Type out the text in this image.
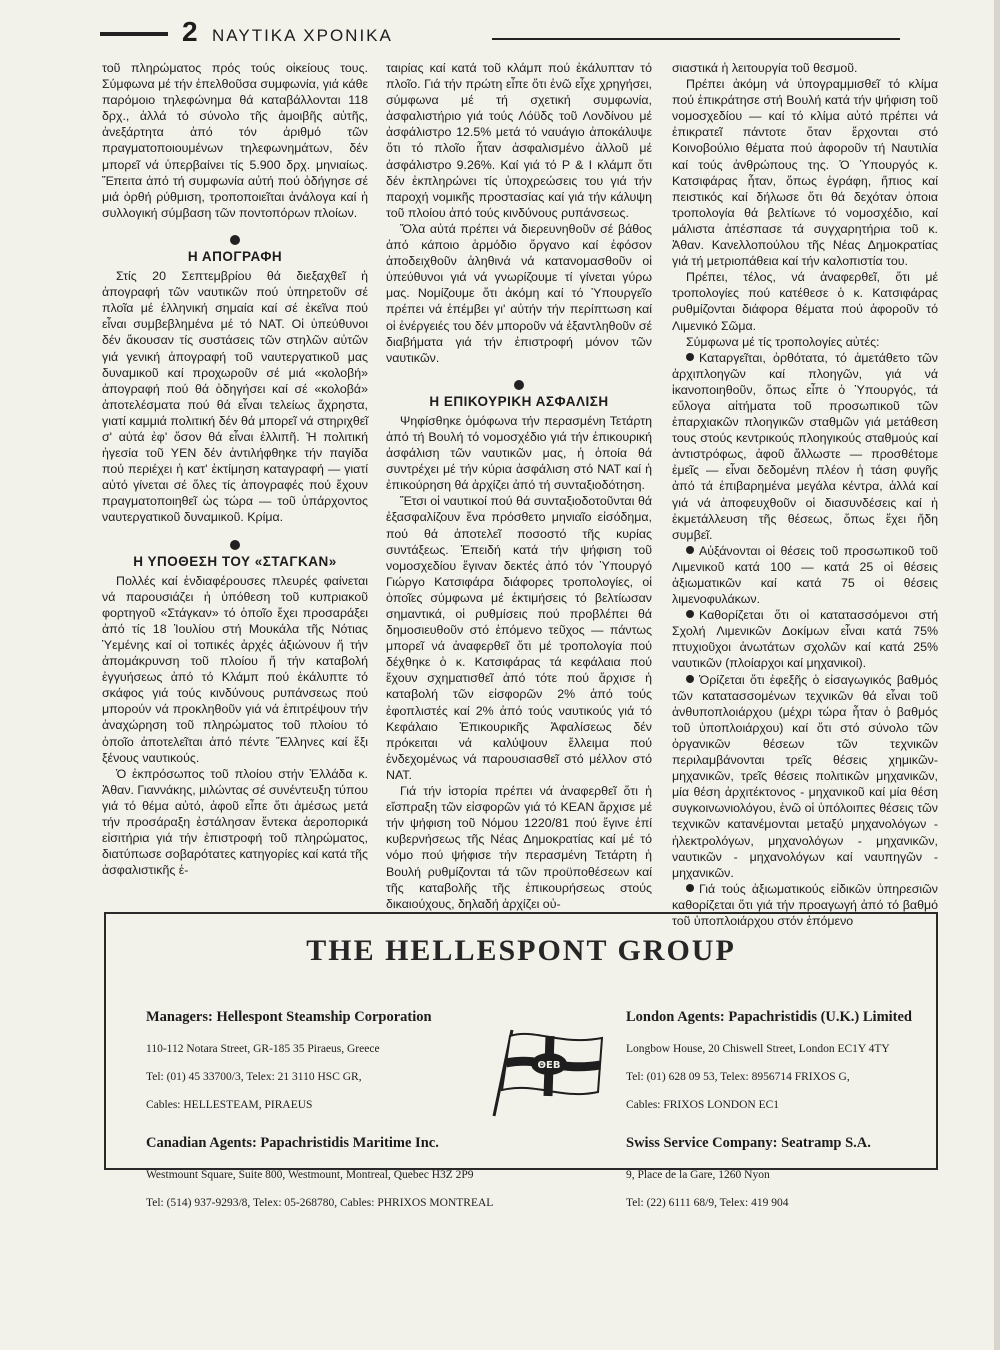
2 ΝΑΥΤΙΚΑ ΧΡΟΝΙΚΑ

τοῦ πληρώματος πρός τούς οἰκείους τους. Σύμφωνα μέ τήν ἐπελθοῦσα συμφωνία, γιά κάθε παρόμοιο τηλεφώνημα θά καταβάλλονται 118 δρχ., ἀλλά τό σύνολο τῆς ἀμοιβῆς αὐτῆς, ἀνεξάρτητα ἀπό τόν ἀριθμό τῶν πραγματοποιουμένων τηλεφωνημάτων, δέν μπορεῖ νά ὑπερβαίνει τίς 5.900 δρχ. μηνιαίως. Ἔπειτα ἀπό τή συμφωνία αὐτή πού ὁδήγησε σέ μιά ὀρθή ρύθμιση, τροποποιεῖται ἀνάλογα καί ἡ συλλογική σύμβαση τῶν ποντοπόρων πλοίων.

Η ΑΠΟΓΡΑΦΗ

Στίς 20 Σεπτεμβρίου θά διεξαχθεῖ ἡ ἀπογραφή τῶν ναυτικῶν πού ὑπηρετοῦν σέ πλοῖα μέ ἑλληνική σημαία καί σέ ἐκεῖνα πού εἶναι συμβεβλημένα μέ τό ΝΑΤ. Οἱ ὑπεύθυνοι δέν ἄκουσαν τίς συστάσεις τῶν στηλῶν αὐτῶν γιά γενική ἀπογραφή τοῦ ναυτεργατικοῦ μας δυναμικοῦ καί προχωροῦν σέ μιά «κολοβή» ἀπογραφή πού θά ὁδηγήσει καί σέ «κολοβά» ἀποτελέσματα πού θά εἶναι τελείως ἄχρηστα, γιατί καμμιά πολιτική δέν θά μπορεῖ νά στηριχθεῖ σ' αὐτά ἐφ' ὅσον θά εἶναι ἐλλιπῆ. Ἡ πολιτική ἡγεσία τοῦ ΥΕΝ δέν ἀντιλήφθηκε τήν παγίδα πού περιέχει ἡ κατ' ἐκτίμηση καταγραφή — γιατί αὐτό γίνεται σέ ὅλες τίς ἀπογραφές πού ἔχουν πραγματοποιηθεῖ ὡς τώρα — τοῦ ὑπάρχοντος ναυτεργατικοῦ δυναμικοῦ. Κρίμα.

Η ΥΠΟΘΕΣΗ ΤΟΥ «ΣΤΑΓΚΑΝ»

Πολλές καί ἐνδιαφέρουσες πλευρές φαίνεται νά παρουσιάζει ἡ ὑπόθεση τοῦ κυπριακοῦ φορτηγοῦ «Στάγκαν» τό ὁποῖο ἔχει προσαράξει ἀπό τίς 18 Ἰουλίου στή Μουκάλα τῆς Νότιας Ὑεμένης καί οἱ τοπικές ἀρχές ἀξιώνουν ἤ τήν ἀπομάκρυνση τοῦ πλοίου ἤ τήν καταβολή ἐγγυήσεως ἀπό τό Κλάμπ πού ἐκάλυπτε τό σκάφος γιά τούς κινδύνους ρυπάνσεως πού μπορούν νά προκληθοῦν γιά νά ἐπιτρέψουν τήν ἀναχώρηση τοῦ πληρώματος τοῦ πλοίου τό ὁποῖο ἀποτελεῖται ἀπό πέντε Ἕλληνες καί ἕξι ξένους ναυτικούς.

Ὁ ἐκπρόσωπος τοῦ πλοίου στήν Ἑλλάδα κ. Ἀθαν. Γιαννάκης, μιλώντας σέ συνέντευξη τύπου γιά τό θέμα αὐτό, ἀφοῦ εἶπε ὅτι ἀμέσως μετά τήν προσάραξη ἐστάλησαν ἔντεκα ἀεροπορικά εἰσιτήρια γιά τήν ἐπιστροφή τοῦ πληρώματος, διατύπωσε σοβαρότατες κατηγορίες καί κατά τῆς ἀσφαλιστικῆς ἑ-

ταιρίας καί κατά τοῦ κλάμπ πού ἐκάλυπταν τό πλοῖο. Γιά τήν πρώτη εἶπε ὅτι ἐνῶ εἶχε χρηγήσει, σύμφωνα μέ τή σχετική συμφωνία, ἀσφαλιστήριο γιά τούς Λόϋδς τοῦ Λονδίνου μέ ἀσφάλιστρο 12.5% μετά τό ναυάγιο ἀποκάλυψε ὅτι τό πλοῖο ἦταν ἀσφαλισμένο ἀλλοῦ μέ ἀσφάλιστρο 9.26%. Καί γιά τό P & I κλάμπ ὅτι δέν ἐκπληρώνει τίς ὑποχρεώσεις του γιά τήν παροχή νομικῆς προστασίας καί γιά τήν κάλυψη τοῦ πλοίου ἀπό τούς κινδύνους ρυπάνσεως.

Ὅλα αὐτά πρέπει νά διερευνηθοῦν σέ βάθος ἀπό κάποιο ἁρμόδιο ὄργανο καί ἐφόσον ἀποδειχθοῦν ἀληθινά νά κατανομασθοῦν οἱ ὑπεύθυνοι γιά νά γνωρίζουμε τί γίνεται γύρω μας. Νομίζουμε ὅτι ἀκόμη καί τό Ὑπουργεῖο πρέπει νά ἐπέμβει γι' αὐτήν τήν περίπτωση καί οἱ ἐνέργειές του δέν μποροῦν νά ἐξαντληθοῦν σέ διαβήματα γιά τήν ἐπιστροφή μόνον τῶν ναυτικῶν.

Η ΕΠΙΚΟΥΡΙΚΗ ΑΣΦΑΛΙΣΗ

Ψηφίσθηκε ὁμόφωνα τήν περασμένη Τετάρτη ἀπό τή Βουλή τό νομοσχέδιο γιά τήν ἐπικουρική ἀσφάλιση τῶν ναυτικῶν μας, ἡ ὁποία θά συντρέχει μέ τήν κύρια ἀσφάλιση στό ΝΑΤ καί ἡ ἐπικούρηση θά ἀρχίζει ἀπό τή συνταξιοδότηση.

Ἔτσι οἱ ναυτικοί πού θά συνταξιοδοτοῦνται θά ἐξασφαλίζουν ἕνα πρόσθετο μηνιαῖο εἰσόδημα, πού θά ἀποτελεῖ ποσοστό τῆς κυρίας συντάξεως. Ἐπειδή κατά τήν ψήφιση τοῦ νομοσχεδίου ἔγιναν δεκτές ἀπό τόν Ὑπουργό Γιώργο Κατσιφάρα διάφορες τροπολογίες, οἱ ὁποῖες σύμφωνα μέ ἐκτιμήσεις τό βελτίωσαν σημαντικά, οἱ ρυθμίσεις πού προβλέπει θά δημοσιευθοῦν στό ἑπόμενο τεῦχος — πάντως μπορεῖ νά ἀναφερθεῖ ὅτι μέ τροπολογία πού δέχθηκε ὁ κ. Κατσιφάρας τά κεφάλαια πού ἔχουν σχηματισθεῖ ἀπό τότε πού ἄρχισε ἡ καταβολή τῶν εἰσφορῶν 2% ἀπό τούς ἐφοπλιστές καί 2% ἀπό τούς ναυτικούς γιά τό Κεφάλαιο Ἐπικουρικῆς Ἀφαλίσεως δέν πρόκειται νά καλύψουν ἔλλειμα πού ἐνδεχομένως νά παρουσιασθεῖ στό μέλλον στό ΝΑΤ.

Γιά τήν ἱστορία πρέπει νά ἀναφερθεῖ ὅτι ἡ εἴσπραξη τῶν εἰσφορῶν γιά τό ΚΕΑΝ ἄρχισε μέ τήν ψήφιση τοῦ Νόμου 1220/81 πού ἔγινε ἐπί κυβερνήσεως τῆς Νέας Δημοκρατίας καί μέ τό νόμο πού ψήφισε τήν περασμένη Τετάρτη ἡ Βουλή ρυθμίζονται τά τῶν προϋποθέσεων καί τῆς καταβολῆς τῆς ἐπικουρήσεως στούς δικαιούχους, δηλαδή ἀρχίζει οὐ-

σιαστικά ἡ λειτουργία τοῦ θεσμοῦ.

Πρέπει ἀκόμη νά ὑπογραμμισθεῖ τό κλίμα πού ἐπικράτησε στή Βουλή κατά τήν ψήφιση τοῦ νομοσχεδίου — καί τό κλίμα αὐτό πρέπει νά ἐπικρατεῖ πάντοτε ὅταν ἔρχονται στό Κοινοβούλιο θέματα πού ἀφοροῦν τή Ναυτιλία καί τούς ἀνθρώπους της. Ὁ Ὑπουργός κ. Κατσιφάρας ἦταν, ὅπως ἐγράφη, ἤπιος καί πειστικός καί δήλωσε ὅτι θά δεχόταν ὁποια τροπολογία θά βελτίωνε τό νομοσχέδιο, καί μάλιστα ἀπέσπασε τά συγχαρητήρια τοῦ κ. Ἀθαν. Κανελλοπούλου τῆς Νέας Δημοκρατίας γιά τή μετριοπάθεια καί τήν καλοπιστία του.

Πρέπει, τέλος, νά ἀναφερθεῖ, ὅτι μέ τροπολογίες πού κατέθεσε ὁ κ. Κατσιφάρας ρυθμίζονται διάφορα θέματα πού ἀφοροῦν τό Λιμενικό Σῶμα.

Σύμφωνα μέ τίς τροπολογίες αὐτές:

Καταργεῖται, ὀρθότατα, τό ἀμετάθετο τῶν ἀρχιπλοηγῶν καί πλοηγῶν, γιά νά ἱκανοποιηθοῦν, ὅπως εἶπε ὁ Ὑπουργός, τά εὔλογα αἰτήματα τοῦ προσωπικοῦ τῶν ἐπαρχιακῶν πλοηγικῶν σταθμῶν γιά μετάθεση τους στούς κεντρικούς πλοηγικούς σταθμούς καί ἀντιστρόφως, ἀφοῦ ἄλλωστε — προσθέτομε ἐμεῖς — εἶναι δεδομένη πλέον ἡ τάση φυγῆς ἀπό τά ἐπιβαρημένα μεγάλα κέντρα, ἀλλά καί γιά νά ἀποφευχθοῦν οἱ διασυνδέσεις καί ἡ ἐκμετάλλευση τῆς θέσεως, ὅπως ἔχει ἤδη συμβεῖ.

Αὐξάνονται οἱ θέσεις τοῦ προσωπικοῦ τοῦ Λιμενικοῦ κατά 100 — κατά 25 οἱ θέσεις ἀξιωματικῶν καί κατά 75 οἱ θέσεις λιμενοφυλάκων.

Καθορίζεται ὅτι οἱ κατατασσόμενοι στή Σχολή Λιμενικῶν Δοκίμων εἶναι κατά 75% πτυχιοῦχοι ἀνωτάτων σχολῶν καί κατά 25% ναυτικῶν (πλοίαρχοι καί μηχανικοί).

Ὁρίζεται ὅτι ἐφεξῆς ὁ εἰσαγωγικός βαθμός τῶν κατατασσομένων τεχνικῶν θά εἶναι τοῦ ἀνθυποπλοιάρχου (μέχρι τώρα ἦταν ὁ βαθμός τοῦ ὑποπλοιάρχου) καί ὅτι στό σύνολο τῶν ὀργανικῶν θέσεων τῶν τεχνικῶν περιλαμβάνονται τρεῖς θέσεις χημικῶν-μηχανικῶν, τρεῖς θέσεις πολιτικῶν μηχανικῶν, μία θέση ἀρχιτέκτονος - μηχανικοῦ καί μία θέση συγκοινωνιολόγου, ἐνῶ οἱ ὑπόλοιπες θέσεις τῶν τεχνικῶν κατανέμονται μεταξύ μηχανολόγων - ἠλεκτρολόγων, μηχανολόγων - μηχανικῶν, ναυτικῶν - μηχανολόγων καί ναυπηγῶν - μηχανικῶν.

Γιά τούς ἀξιωματικούς εἰδικῶν ὑπηρεσιῶν καθορίζεται ὅτι γιά τήν προαγωγή ἀπό τό βαθμό τοῦ ὑποπλοιάρχου στόν ἑπόμενο

THE HELLESPONT GROUP
Managers: Hellespont Steamship Corporation
110-112 Notara Street, GR-185 35 Piraeus, Greece
Tel: (01) 45 33700/3, Telex: 21 3110 HSC GR,
Cables: HELLESTEAM, PIRAEUS
London Agents: Papachristidis (U.K.) Limited
Longbow House, 20 Chiswell Street, London EC1Y 4TY
Tel: (01) 628 09 53, Telex: 8956714 FRIXOS G,
Cables: FRIXOS LONDON EC1
ΘΕΒ
Canadian Agents: Papachristidis Maritime Inc.
Westmount Square, Suite 800, Westmount, Montreal, Quebec H3Z 2P9
Tel: (514) 937-9293/8, Telex: 05-268780, Cables: PHRIXOS MONTREAL
Swiss Service Company: Seatramp S.A.
9, Place de la Gare, 1260 Nyon
Tel: (22) 6111 68/9, Telex: 419 904
